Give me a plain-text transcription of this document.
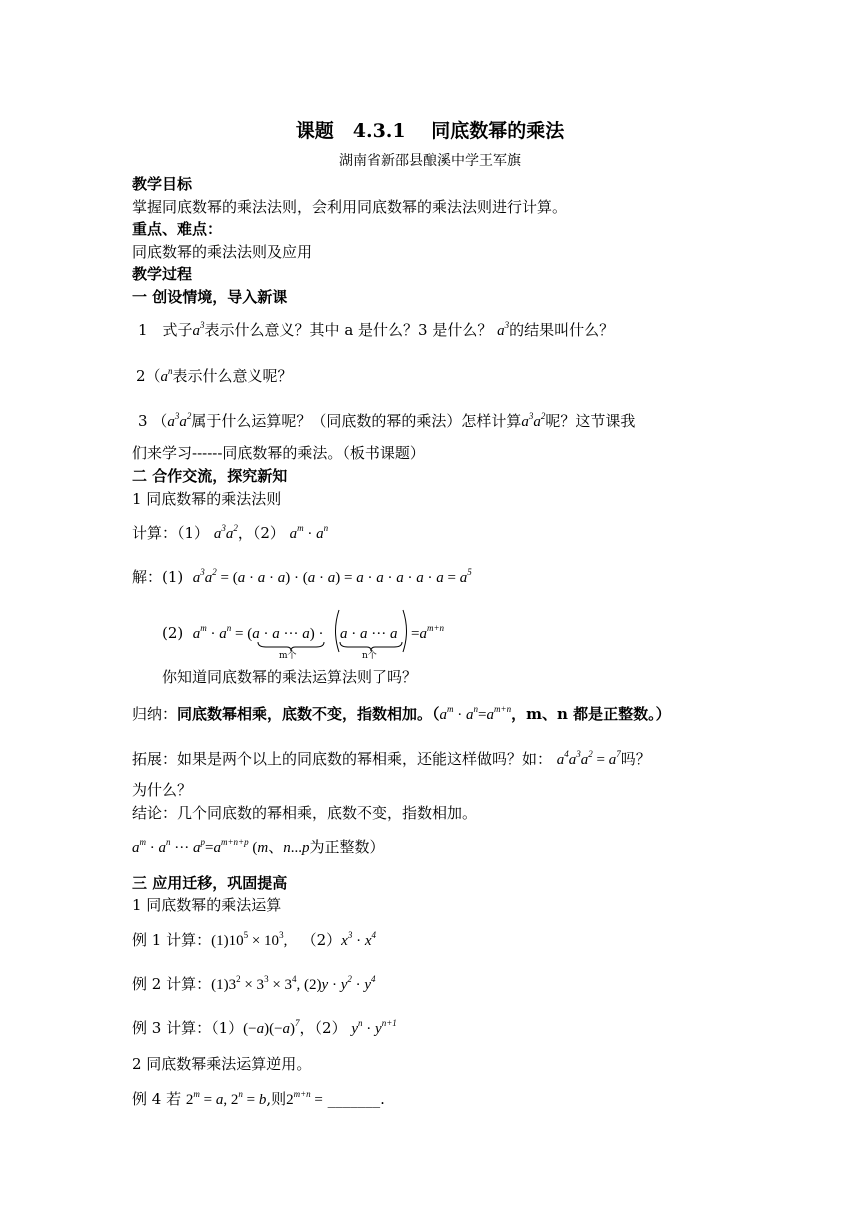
课题　4.3.1　 同底数幂的乘法
湖南省新邵县酿溪中学王军旗
教学目标
掌握同底数幂的乘法法则，会利用同底数幂的乘法法则进行计算。
重点、难点：
同底数幂的乘法法则及应用
教学过程
一 创设情境，导入新课
1　式子$a^3$表示什么意义？其中 a 是什么？3 是什么？ $a^3$的结果叫什么？
$2(a^n$表示什么意义呢？
3 （$a^3a^2$属于什么运算呢？（同底数的幂的乘法）怎样计算$a^3a^2$呢？这节课我
们来学习------同底数幂的乘法。（板书课题）
二 合作交流，探究新知
1 同底数幂的乘法法则
计算：（1） $a^3a^2$，（2） $a^m \cdot a^n$
解：(1) $a^3a^2 = (a \cdot a \cdot a) \cdot (a \cdot a) = a \cdot a \cdot a \cdot a \cdot a = a^5$
(2) $a^m \cdot a^n = (a \cdot a$ ··· a) ·
m个
a · a ··· a
n个
$=a^{m+n}$
你知道同底数幂的乘法运算法则了吗？
归纳：同底数幂相乘，底数不变，指数相加。（$a^m \cdot a^n=a^{m+n}$，m、n 都是正整数。）
拓展：如果是两个以上的同底数的幂相乘，还能这样做吗？如： $a^4a^3a^2 = a^7$吗？
为什么？
结论：几个同底数的幂相乘，底数不变，指数相加。
$a^m \cdot a^n$ ··· $a^p=a^{m+n+p}$ (m、n...p为正整数）
三 应用迁移，巩固提高
1 同底数幂的乘法运算
例 1 计算：$(1)10^5 \times 10^3$,   $(2)x^3 \cdot x^4$
例 2 计算：$(1)3^2 \times 3^3 \times 3^4$, $(2)y \cdot y^2 \cdot y^4$
例 3 计算：$(1)(-a)(-a)^7$，（2） $y^n \cdot y^{n+1}$
2 同底数幂乘法运算逆用。
例 4 若 $2^m = a$, $2^n = b$,则$2^{m+n}$ = _______.
